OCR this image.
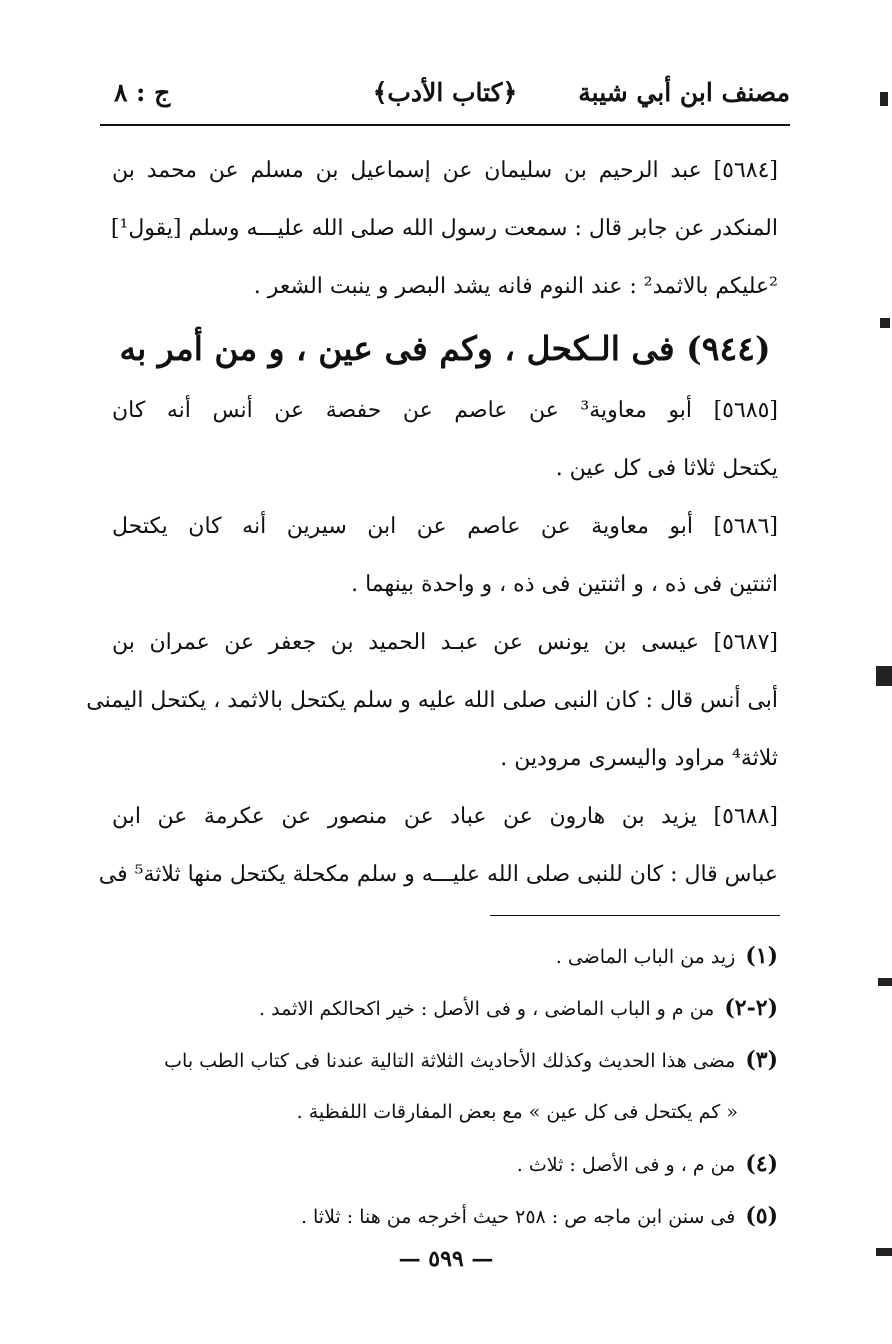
مصنف ابن أبي شيبة
﴿كتاب الأدب﴾
ج : ٨
[٥٦٨٤] عبد الرحيم بن سليمان عن إسماعيل بن مسلم عن محمد بن
المنكدر عن جابر قال : سمعت رسول الله صلى الله عليـــه وسلم [يقول¹]
²عليكم بالاثمد² : عند النوم فانه يشد البصر و ينبت الشعر .
(٩٤٤) فى الـكحل ، وكم فى عين ، و من أمر به
[٥٦٨٥] أبو معاوية³ عن عاصم عن حفصة عن أنس أنه كان
يكتحل ثلاثا فى كل عين .
[٥٦٨٦] أبو معاوية عن عاصم عن ابن سيرين أنه كان يكتحل
اثنتين فى ذه ، و اثنتين فى ذه ، و واحدة بينهما .
[٥٦٨٧] عيسى بن يونس عن عبـد الحميد بن جعفر عن عمران بن
أبى أنس قال : كان النبى صلى الله عليه و سلم يكتحل بالاثمد ، يكتحل اليمنى
ثلاثة⁴ مراود واليسرى مرودين .
[٥٦٨٨] يزيد بن هارون عن عباد عن منصور عن عكرمة عن ابن
عباس قال : كان للنبى صلى الله عليـــه و سلم مكحلة يكتحل منها ثلاثة⁵ فى
(١)زيد من الباب الماضى .
(٢-٢)من م و الباب الماضى ، و فى الأصل : خير اكحالكم الاثمد .
(٣)مضى هذا الحديث وكذلك الأحاديث الثلاثة التالية عندنا فى كتاب الطب باب
« كم يكتحل فى كل عين » مع بعض المفارقات اللفظية .
(٤)من م ، و فى الأصل : ثلاث .
(٥)فى سنن ابن ماجه ص : ٢٥٨ حيث أخرجه من هنا : ثلاثا .
— ٥٩٩ —
